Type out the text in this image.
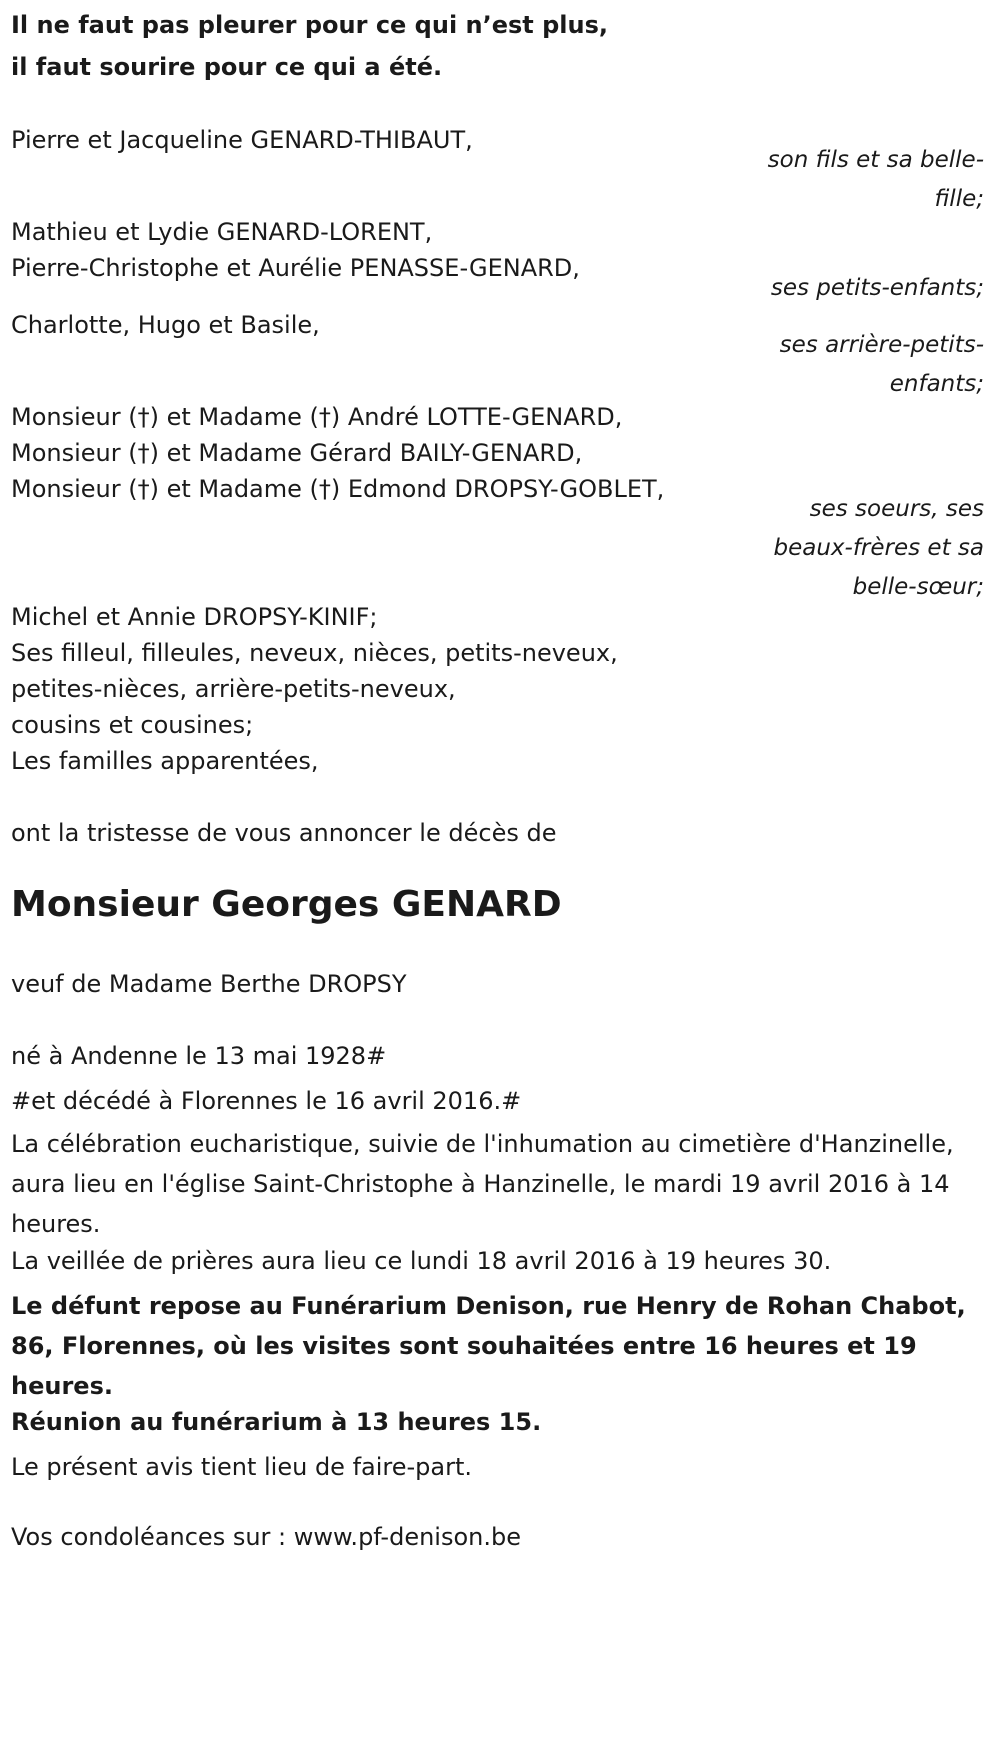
Il ne faut pas pleurer pour ce qui n’est plus,
il faut sourire pour ce qui a été.
Pierre et Jacqueline GENARD-THIBAUT,
son fils et sa belle-fille;
Mathieu et Lydie GENARD-LORENT,
Pierre-Christophe et Aurélie PENASSE-GENARD,
ses petits-enfants;
Charlotte, Hugo et Basile,
ses arrière-petits-enfants;
Monsieur (†) et Madame (†) André LOTTE-GENARD,
Monsieur (†) et Madame Gérard BAILY-GENARD,
Monsieur (†) et Madame (†) Edmond DROPSY-GOBLET,
ses soeurs, ses beaux-frères et sa belle-sœur;
Michel et Annie DROPSY-KINIF;
Ses filleul, filleules, neveux, nièces, petits-neveux,
petites-nièces, arrière-petits-neveux,
cousins et cousines;
Les familles apparentées,
ont la tristesse de vous annoncer le décès de
Monsieur Georges GENARD
veuf de Madame Berthe DROPSY
né à Andenne le 13 mai 1928#
#et décédé à Florennes le 16 avril 2016.#
La célébration eucharistique, suivie de l'inhumation au cimetière d'Hanzinelle, aura lieu en l'église Saint-Christophe à Hanzinelle, le mardi 19 avril 2016 à 14 heures.
La veillée de prières aura lieu ce lundi 18 avril 2016 à 19 heures 30.
Le défunt repose au Funérarium Denison, rue Henry de Rohan Chabot, 86, Florennes, où les visites sont souhaitées entre 16 heures et 19 heures.
Réunion au funérarium à 13 heures 15.
Le présent avis tient lieu de faire-part.
Vos condoléances sur : www.pf-denison.be
